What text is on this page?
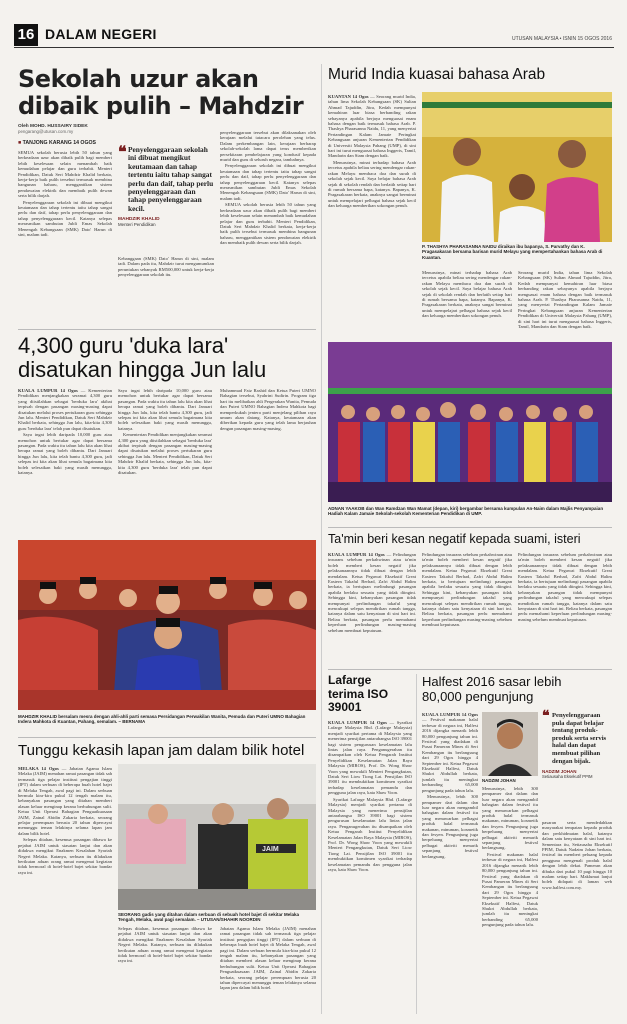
16 DALAM NEGERI	UTUSAN MALAYSIA • ISNIN 15 OGOS 2016
Sekolah uzur akan
dibaik pulih – Mahdzir
Oleh MOHD. HUSSAIRY SIDEK
pengarang@utusan.com.my
■ TANJONG KARANG 14 OGOS

SEMUA sekolah berusia lebih 50 tahun yang berkeadaan uzur akan dibaik pulih bagi memberi lebih keselesaan selain menambah baik kemudahan pelajar dan guru terbabit. Menteri Pendidikan, Datuk Seri Mahdzir Khalid berkata, kerja-kerja baik pulih tersebut termasuk membina bangunan baharu, menggantikan sistem pendawaian elektrik dan membaik pulih dewan serta bilik darjah.

Penyelenggaraan sekolah ini dibuat mengikut keutamaan dan tahap tertentu iaitu tahap sangat perlu dan daif, tahap perlu penyelenggaraan dan tahap penyelenggaraan kecil. Katanya selepas merasmikan sambutan Jubli Emas Sekolah Menengah Kebangsaan (SMK) Dato' Harun di sini, malam tadi.

❝ Penyelenggaraan sekolah ini dibuat mengikut keutamaan dan tahap tertentu iaitu tahap sangat perlu dan daif, tahap perlu penyelenggaraan dan tahap penyelenggaraan kecil.
MAHDZIR KHALID
Menteri Pendidikan

Kebanggaan (SMK) Dato' Harun di sini, malam tadi. Dalam pada itu, Mahdzir turut mengumumkan peruntukan sebanyak RM500,000 untuk kerja-kerja penyelenggaraan sekolah itu.

penyelenggaraan tersebut akan dilaksanakan oleh kerajaan melalui tatacara perolehan yang telus. Dalam perkembangan lain, kerajaan berharap sekolah-sekolah lama dapat terus memberikan persekitaran pembelajaran yang kondusif kepada murid dan guru di seluruh negara, tambahnya.

Penyelenggaraan sekolah ini dibuat mengikut keutamaan dan tahap tertentu iaitu tahap sangat perlu dan daif, tahap perlu penyelenggaraan dan tahap penyelenggaraan kecil. Katanya selepas merasmikan sambutan Jubli Emas Sekolah Menengah Kebangsaan (SMK) Dato' Harun di sini, malam tadi.

SEMUA sekolah berusia lebih 50 tahun yang berkeadaan uzur akan dibaik pulih bagi memberi lebih keselesaan selain menambah baik kemudahan pelajar dan guru terbabit. Menteri Pendidikan, Datuk Seri Mahdzir Khalid berkata, kerja-kerja baik pulih tersebut termasuk membina bangunan baharu, menggantikan sistem pendawaian elektrik dan membaik pulih dewan serta bilik darjah.

4,300 guru 'duka lara'
disatukan hingga Jun lalu

KUALA LUMPUR 14 Ogos — Kementerian Pendidikan menjangkakan seramai 4,300 guru yang diistilahkan sebagai 'berduka lara' akibat terpisah dengan pasangan masing-masing dapat disatukan melalui proses pertukaran guru sehingga Jun lalu. Menteri Pendidikan, Datuk Seri Mahdzir Khalid berkata, sehingga Jun lalu, kita-kita 4,300 guru 'berduka lara' telah pun dapat disatukan.

Saya ingat lebih daripada 10,000 guru atau memohon untuk bertukar agar dapat bersama pasangan. Pada waktu itu tahun lalu kita akan lihat berapa ramai yang boleh dibantu. Dari Januari hingga Jun lalu, kita telah bantu 4,300 guru, jadi selepas ini kita akan lihat semula bagaimana kita boleh selesaikan baki yang masih menunggu, katanya.

Saya ingat lebih daripada 10,000 guru atau memohon untuk bertukar agar dapat bersama pasangan. Pada waktu itu tahun lalu kita akan lihat berapa ramai yang boleh dibantu. Dari Januari hingga Jun lalu, kita telah bantu 4,300 guru, jadi selepas ini kita akan lihat semula bagaimana kita boleh selesaikan baki yang masih menunggu, katanya.

Kementerian Pendidikan menjangkakan seramai 4,300 guru yang diistilahkan sebagai 'berduka lara' akibat terpisah dengan pasangan masing-masing dapat disatukan melalui proses pertukaran guru sehingga Jun lalu. Menteri Pendidikan, Datuk Seri Mahdzir Khalid berkata, sehingga Jun lalu, kita-kita 4,300 guru 'berduka lara' telah pun dapat disatukan.

Muhammad Faiz Rashid dan Ketua Puteri UMNO Bahagian tersebut, Syahrini Sudirin. Program tiga hari itu melibatkan ahli Pergerakan Wanita, Pemuda dan Puteri UMNO Bahagian Indera Mahkota bagi memperkukuh jentera parti menjelang pilihan raya umum akan datang. Katanya, keutamaan akan diberikan kepada guru yang telah lama berjauhan dengan pasangan masing-masing.

MAHDZIR KHALID bersalam mesra dengan ahli-ahli parti semasa Persidangan Perwakilan Wanita, Pemuda dan Puteri UMNO Bahagian Indera Mahkota di Kuantan, Pahang, semalam. – BERNAMA
Tunggu kekasih lapan jam dalam bilik hotel

MELAKA 14 Ogos — Jabatan Agama Islam Melaka (JAIM) menahan ramai pasangan tidak sah termasuk tiga pelajar institusi pengajian tinggi (IPT) dalam serbuan di beberapa buah hotel bajet di Melaka Tengah, awal pagi ini. Dalam serbuan bermula kira-kira pukul 12 tengah malam itu, kebanyakan pasangan yang ditahan memberi alasan keluar menginap kerana berhubungan sulit. Ketua Unit Operasi Bahagian Penguatkuasaan JAIM, Zainal Abidin Zakaria berkata, seorang pelajar perempuan berusia 20 tahun dipercayai menunggu teman lelakinya selama lapan jam dalam bilik hotel.

Selepas ditahan, kesemua pasangan dibawa ke pejabat JAIM untuk siasatan lanjut dan akan didakwa mengikut Enakmen Kesalahan Syariah Negeri Melaka. Katanya, serbuan itu dilakukan berikutan aduan orang ramai mengenai kegiatan tidak bermoral di hotel-hotel bajet sekitar bandar raya ini.

JAIM
SEORANG gadis yang ditahan dalam serbuan di sebuah hotel bajet di sekitar Melaka Tengah, Melaka, awal pagi semalam. – UTUSAN/SHAHIR NOORDIN

Selepas ditahan, kesemua pasangan dibawa ke pejabat JAIM untuk siasatan lanjut dan akan didakwa mengikut Enakmen Kesalahan Syariah Negeri Melaka. Katanya, serbuan itu dilakukan berikutan aduan orang ramai mengenai kegiatan tidak bermoral di hotel-hotel bajet sekitar bandar raya ini.

Jabatan Agama Islam Melaka (JAIM) menahan ramai pasangan tidak sah termasuk tiga pelajar institusi pengajian tinggi (IPT) dalam serbuan di beberapa buah hotel bajet di Melaka Tengah, awal pagi ini. Dalam serbuan bermula kira-kira pukul 12 tengah malam itu, kebanyakan pasangan yang ditahan memberi alasan keluar menginap kerana berhubungan sulit. Ketua Unit Operasi Bahagian Penguatkuasaan JAIM, Zainal Abidin Zakaria berkata, seorang pelajar perempuan berusia 20 tahun dipercayai menunggu teman lelakinya selama lapan jam dalam bilik hotel.

Murid India kuasai bahasa Arab

KUANTAN 14 Ogos — Seorang murid India, tahun lima Sekolah Kebangsaan (SK) Sultan Ahmad Tajuddin, Jitra, Kedah mempunyai kemahiran luar biasa berbanding rakan sebayanya apabila berjaya menguasai enam bahasa dengan baik termasuk bahasa Arab. P. Thashya Pharasanna Naidu, 11, yang menyertai Pertandingan Kalam Jamaie Peringkat Kebangsaan anjuran Kementerian Pendidikan di Universiti Malaysia Pahang (UMP), di sini hari ini turut menguasai bahasa Inggeris, Tamil, Mandarin dan Siam dengan baik.

Menurutnya, minat terhadap bahasa Arab tercetus apabila beliau sering mendengar rakan-rakan Melayu membaca doa dan surah di sekolah sejak kecil. Saya belajar bahasa Arab sejak di sekolah rendah dan berlatih setiap hari di rumah bersama bapa, katanya. Bapanya, K. Pragasakaran berkata, anaknya sangat berminat untuk mempelajari pelbagai bahasa sejak kecil dan keluarga memberikan sokongan penuh.

P. THASHYA PHARASANNA NAIDU diraikan ibu bapanya, S. Parvathy dan K. Pragasakaran bersama barisan murid Melayu yang mempertahankan bahasa Arab di Kuantan.

Menurutnya, minat terhadap bahasa Arab tercetus apabila beliau sering mendengar rakan-rakan Melayu membaca doa dan surah di sekolah sejak kecil. Saya belajar bahasa Arab sejak di sekolah rendah dan berlatih setiap hari di rumah bersama bapa, katanya. Bapanya, K. Pragasakaran berkata, anaknya sangat berminat untuk mempelajari pelbagai bahasa sejak kecil dan keluarga memberikan sokongan penuh.

Seorang murid India, tahun lima Sekolah Kebangsaan (SK) Sultan Ahmad Tajuddin, Jitra, Kedah mempunyai kemahiran luar biasa berbanding rakan sebayanya apabila berjaya menguasai enam bahasa dengan baik termasuk bahasa Arab. P. Thashya Pharasanna Naidu, 11, yang menyertai Pertandingan Kalam Jamaie Peringkat Kebangsaan anjuran Kementerian Pendidikan di Universiti Malaysia Pahang (UMP), di sini hari ini turut menguasai bahasa Inggeris, Tamil, Mandarin dan Siam dengan baik.

ADNAN YAAKOB dan Wan Ramdzan Wan Mamat (depan, kiri) bergambar bersama kumpulan An-Naim dalam Majlis Penyampaian Hadiah Kalam Jamaie Sekolah-sekolah Kementerian Pendidikan di UMP.
Ta'min beri kesan negatif kepada suami, isteri

KUALA LUMPUR 14 Ogos — Pelindungan insurans sebelum perkahwinan atau ta'min boleh memberi kesan negatif jika pelaksanaannya tidak dibuat dengan lebih mendalam. Ketua Pegawai Eksekutif Great Eastern Takaful Berhad, Zafri Abdul Halim berkata, ia bertujuan melindungi pasangan apabila berlaku sesuatu yang tidak diingini. Sehingga kini, kebanyakan pasangan tidak mempunyai perlindungan takaful yang mencukupi selepas mendirikan rumah tangga, katanya dalam satu kenyataan di sini hari ini. Beliau berkata, pasangan perlu memahami keperluan perlindungan masing-masing sebelum membuat keputusan.

Pelindungan insurans sebelum perkahwinan atau ta'min boleh memberi kesan negatif jika pelaksanaannya tidak dibuat dengan lebih mendalam. Ketua Pegawai Eksekutif Great Eastern Takaful Berhad, Zafri Abdul Halim berkata, ia bertujuan melindungi pasangan apabila berlaku sesuatu yang tidak diingini. Sehingga kini, kebanyakan pasangan tidak mempunyai perlindungan takaful yang mencukupi selepas mendirikan rumah tangga, katanya dalam satu kenyataan di sini hari ini. Beliau berkata, pasangan perlu memahami keperluan perlindungan masing-masing sebelum membuat keputusan.

Pelindungan insurans sebelum perkahwinan atau ta'min boleh memberi kesan negatif jika pelaksanaannya tidak dibuat dengan lebih mendalam. Ketua Pegawai Eksekutif Great Eastern Takaful Berhad, Zafri Abdul Halim berkata, ia bertujuan melindungi pasangan apabila berlaku sesuatu yang tidak diingini. Sehingga kini, kebanyakan pasangan tidak mempunyai perlindungan takaful yang mencukupi selepas mendirikan rumah tangga, katanya dalam satu kenyataan di sini hari ini. Beliau berkata, pasangan perlu memahami keperluan perlindungan masing-masing sebelum membuat keputusan.

Lafarge
terima ISO
39001

KUALA LUMPUR 14 Ogos — Syarikat Lafarge Malaysia Bhd. (Lafarge Malaysia) menjadi syarikat pertama di Malaysia yang menerima pensijilan antarabangsa ISO 39001 bagi sistem pengurusan keselamatan lalu lintas jalan raya. Penganugerahan itu disampaikan oleh Ketua Pengarah Institut Penyelidikan Keselamatan Jalan Raya Malaysia (MIROS), Prof. Dr. Wong Shaw Voon yang mewakili Menteri Pengangkutan, Datuk Seri Liow Tiong Lai. Pensijilan ISO 39001 itu membuktikan komitmen syarikat terhadap keselamatan pemandu dan pengguna jalan raya, kata Shaw Voon.

Syarikat Lafarge Malaysia Bhd. (Lafarge Malaysia) menjadi syarikat pertama di Malaysia yang menerima pensijilan antarabangsa ISO 39001 bagi sistem pengurusan keselamatan lalu lintas jalan raya. Penganugerahan itu disampaikan oleh Ketua Pengarah Institut Penyelidikan Keselamatan Jalan Raya Malaysia (MIROS), Prof. Dr. Wong Shaw Voon yang mewakili Menteri Pengangkutan, Datuk Seri Liow Tiong Lai. Pensijilan ISO 39001 itu membuktikan komitmen syarikat terhadap keselamatan pemandu dan pengguna jalan raya, kata Shaw Voon.

Halfest 2016 sasar lebih
80,000 pengunjung

KUALA LUMPUR 14 Ogos — Festival makanan halal terbesar di negara ini, Halfest 2016 dijangka menarik lebih 80,000 pengunjung tahun ini. Festival yang diadakan di Pusat Pameran Mines di Seri Kembangan itu berlangsung dari 29 Ogos hingga 4 September ini. Ketua Pegawai Eksekutif Halfest, Datuk Shukri Abdullah berkata, jumlah itu meningkat berbanding 65,000 pengunjung pada tahun lalu.

Menurutnya, lebih 300 pempamer dari dalam dan luar negara akan mengambil bahagian dalam festival itu yang menawarkan pelbagai produk halal termasuk makanan, minuman, kosmetik dan fesyen. Pengunjung juga berpeluang menyertai pelbagai aktiviti menarik sepanjang festival berlangsung.

NADZIM JOHAN

Menurutnya, lebih 300 pempamer dari dalam dan luar negara akan mengambil bahagian dalam festival itu yang menawarkan pelbagai produk halal termasuk makanan, minuman, kosmetik dan fesyen. Pengunjung juga berpeluang menyertai pelbagai aktiviti menarik sepanjang festival berlangsung.

Festival makanan halal terbesar di negara ini, Halfest 2016 dijangka menarik lebih 80,000 pengunjung tahun ini. Festival yang diadakan di Pusat Pameran Mines di Seri Kembangan itu berlangsung dari 29 Ogos hingga 4 September ini. Ketua Pegawai Eksekutif Halfest, Datuk Shukri Abdullah berkata, jumlah itu meningkat berbanding 65,000 pengunjung pada tahun lalu.

❝ Penyelenggaraan pula dapat belajar tentang produk-produk serta servis halal dan dapat membuat pilihan dengan bijak.
NADZIM JOHAN
Setiausaha Eksekutif PPIM

pasaran serta mendedahkan masyarakat tempatan kepada produk dan perkhidmatan halal, katanya dalam satu kenyataan di sini hari ini. Sementara itu, Setiausaha Eksekutif PPIM, Datuk Nadzim Johan berkata, festival itu memberi peluang kepada pengguna mengenali produk halal dengan lebih dekat. Pameran akan dibuka dari pukul 10 pagi hingga 10 malam setiap hari. Maklumat lanjut boleh didapati di laman web www.halfest.com.my.
